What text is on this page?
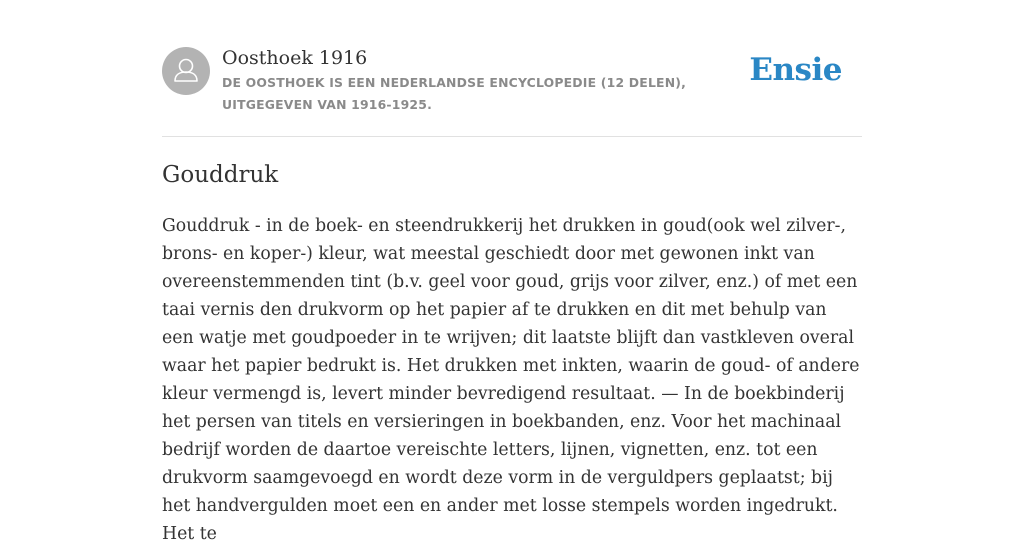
Oosthoek 1916
DE OOSTHOEK IS EEN NEDERLANDSE ENCYCLOPEDIE (12 DELEN), UITGEGEVEN VAN 1916-1925.
Ensie
Gouddruk

Gouddruk - in de boek- en steendrukkerij het drukken in goud(ook wel zilver-, brons- en koper-) kleur, wat meestal geschiedt door met gewonen inkt van overeenstemmenden tint (b.v. geel voor goud, grijs voor zilver, enz.) of met een taai vernis den drukvorm op het papier af te drukken en dit met behulp van een watje met goudpoeder in te wrijven; dit laatste blijft dan vastkleven overal waar het papier bedrukt is. Het drukken met inkten, waarin de goud- of andere kleur vermengd is, levert minder bevredigend resultaat. — In de boekbinderij het persen van titels en versieringen in boekbanden, enz. Voor het machinaal bedrijf worden de daartoe vereischte letters, lijnen, vignetten, enz. tot een drukvorm saamgevoegd en wordt deze vorm in de verguldpers geplaatst; bij het handvergulden moet een en ander met losse stempels worden ingedrukt. Het te
